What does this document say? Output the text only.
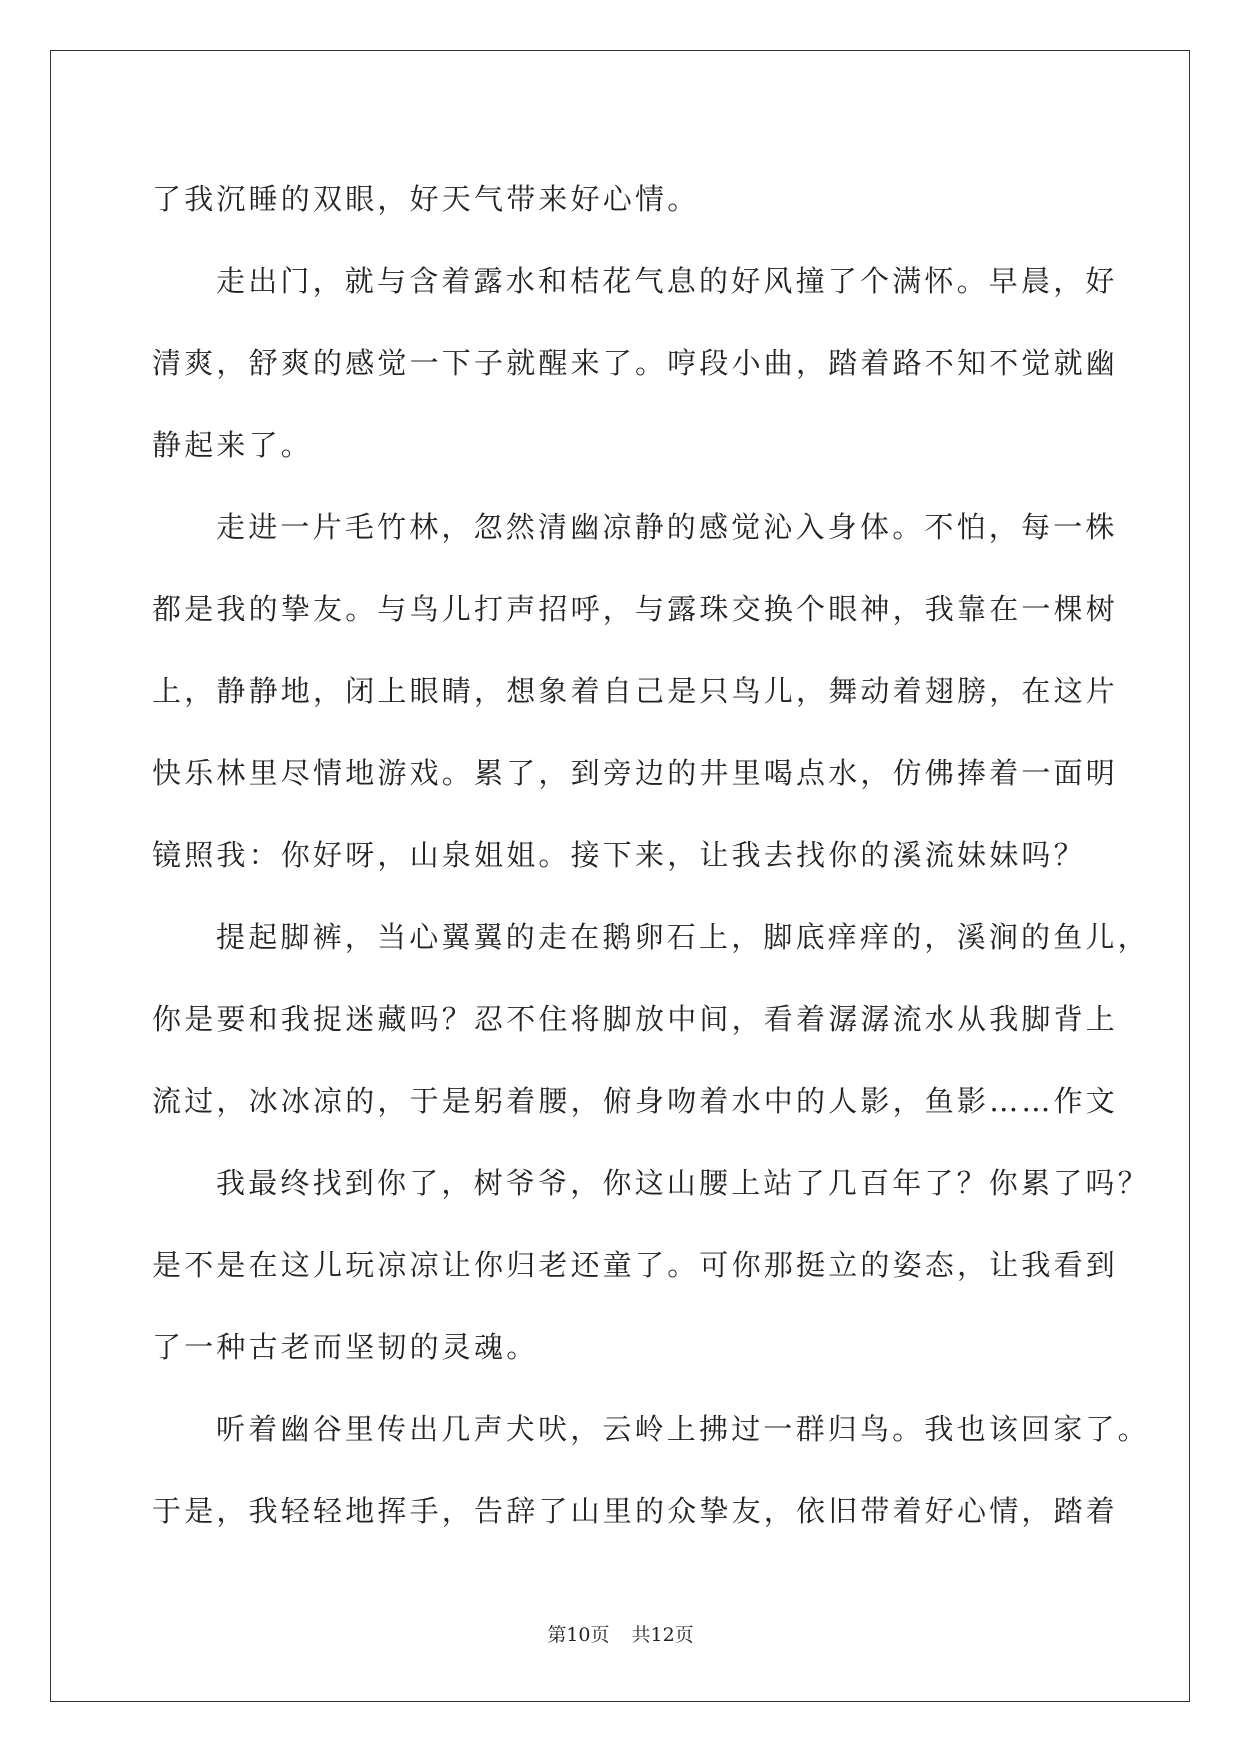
了我沉睡的双眼，好天气带来好心情。
走出门，就与含着露水和桔花气息的好风撞了个满怀。早晨，好
清爽，舒爽的感觉一下子就醒来了。哼段小曲，踏着路不知不觉就幽
静起来了。
走进一片毛竹林，忽然清幽凉静的感觉沁入身体。不怕，每一株
都是我的挚友。与鸟儿打声招呼，与露珠交换个眼神，我靠在一棵树
上，静静地，闭上眼睛，想象着自己是只鸟儿，舞动着翅膀，在这片
快乐林里尽情地游戏。累了，到旁边的井里喝点水，仿佛捧着一面明
镜照我：你好呀，山泉姐姐。接下来，让我去找你的溪流妹妹吗？
提起脚裤，当心翼翼的走在鹅卵石上，脚底痒痒的，溪涧的鱼儿，
你是要和我捉迷藏吗？忍不住将脚放中间，看着潺潺流水从我脚背上
流过，冰冰凉的，于是躬着腰，俯身吻着水中的人影，鱼影……作文
我最终找到你了，树爷爷，你这山腰上站了几百年了？你累了吗？
是不是在这儿玩凉凉让你归老还童了。可你那挺立的姿态，让我看到
了一种古老而坚韧的灵魂。
听着幽谷里传出几声犬吠，云岭上拂过一群归鸟。我也该回家了。
于是，我轻轻地挥手，告辞了山里的众挚友，依旧带着好心情，踏着
第10页 共12页
